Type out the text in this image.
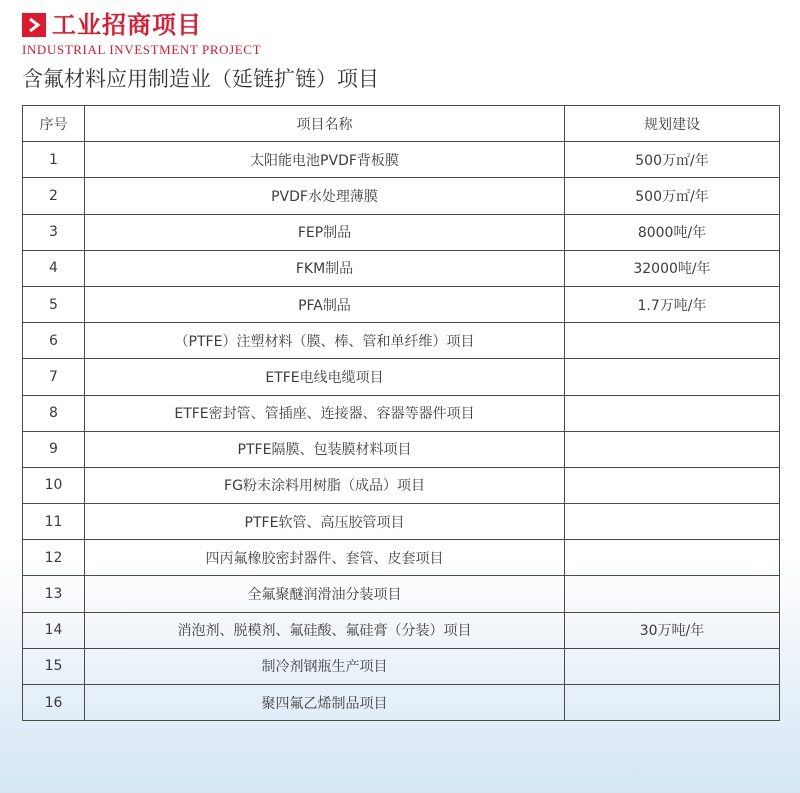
工业招商项目
INDUSTRIAL INVESTMENT PROJECT
含氟材料应用制造业（延链扩链）项目
序号	项目名称	规划建设
1	太阳能电池PVDF背板膜	500万㎡/年
2	PVDF水处理薄膜	500万㎡/年
3	FEP制品	8000吨/年
4	FKM制品	32000吨/年
5	PFA制品	1.7万吨/年
6	（PTFE）注塑材料（膜、棒、管和单纤维）项目	
7	ETFE电线电缆项目	
8	ETFE密封管、管插座、连接器、容器等器件项目	
9	PTFE隔膜、包装膜材料项目	
10	FG粉末涂料用树脂（成品）项目	
11	PTFE软管、高压胶管项目	
12	四丙氟橡胶密封器件、套管、皮套项目	
13	全氟聚醚润滑油分装项目	
14	消泡剂、脱模剂、氟硅酸、氟硅膏（分装）项目	30万吨/年
15	制冷剂钢瓶生产项目	
16	聚四氟乙烯制品项目	
